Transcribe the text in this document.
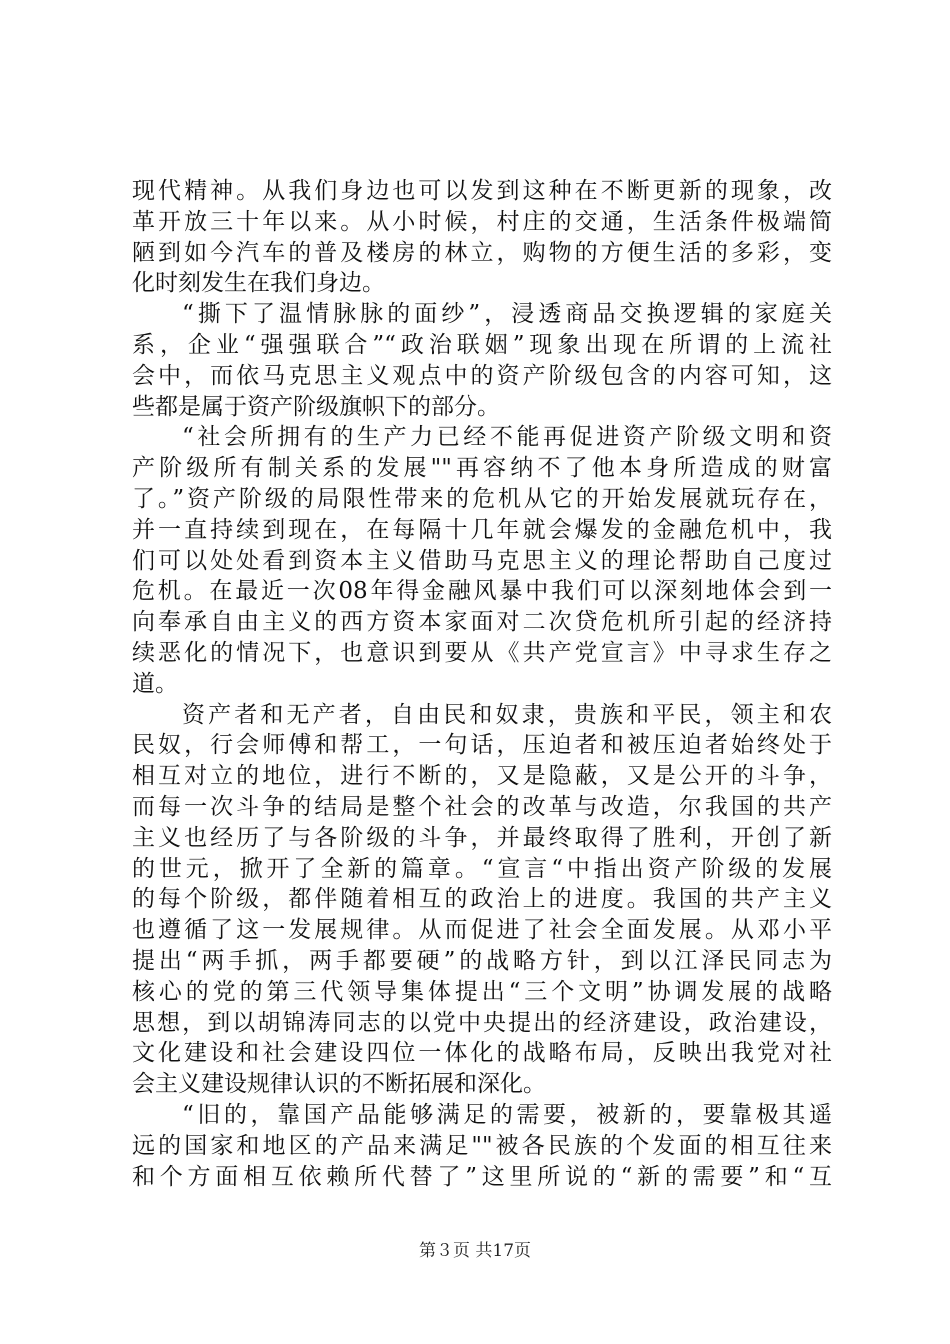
现代精神。从我们身边也可以发到这种在不断更新的现象，改
革开放三十年以来。从小时候，村庄的交通，生活条件极端简
陋到如今汽车的普及楼房的林立，购物的方便生活的多彩，变
化时刻发生在我们身边。
“撕下了温情脉脉的面纱”，浸透商品交换逻辑的家庭关
系，企业“强强联合”“政治联姻”现象出现在所谓的上流社
会中，而依马克思主义观点中的资产阶级包含的内容可知，这
些都是属于资产阶级旗帜下的部分。
“社会所拥有的生产力已经不能再促进资产阶级文明和资
产阶级所有制关系的发展""再容纳不了他本身所造成的财富
了。”资产阶级的局限性带来的危机从它的开始发展就玩存在，
并一直持续到现在，在每隔十几年就会爆发的金融危机中，我
们可以处处看到资本主义借助马克思主义的理论帮助自己度过
危机。在最近一次08年得金融风暴中我们可以深刻地体会到一
向奉承自由主义的西方资本家面对二次贷危机所引起的经济持
续恶化的情况下，也意识到要从《共产党宣言》中寻求生存之
道。
资产者和无产者，自由民和奴隶，贵族和平民，领主和农
民奴，行会师傅和帮工，一句话，压迫者和被压迫者始终处于
相互对立的地位，进行不断的，又是隐蔽，又是公开的斗争，
而每一次斗争的结局是整个社会的改革与改造，尔我国的共产
主义也经历了与各阶级的斗争，并最终取得了胜利，开创了新
的世元，掀开了全新的篇章。“宣言“中指出资产阶级的发展
的每个阶级，都伴随着相互的政治上的进度。我国的共产主义
也遵循了这一发展规律。从而促进了社会全面发展。从邓小平
提出“两手抓，两手都要硬”的战略方针，到以江泽民同志为
核心的党的第三代领导集体提出“三个文明”协调发展的战略
思想，到以胡锦涛同志的以党中央提出的经济建设，政治建设，
文化建设和社会建设四位一体化的战略布局，反映出我党对社
会主义建设规律认识的不断拓展和深化。
“旧的，靠国产品能够满足的需要，被新的，要靠极其遥
远的国家和地区的产品来满足""被各民族的个发面的相互往来
和个方面相互依赖所代替了”这里所说的“新的需要”和“互
第３页 共17页
